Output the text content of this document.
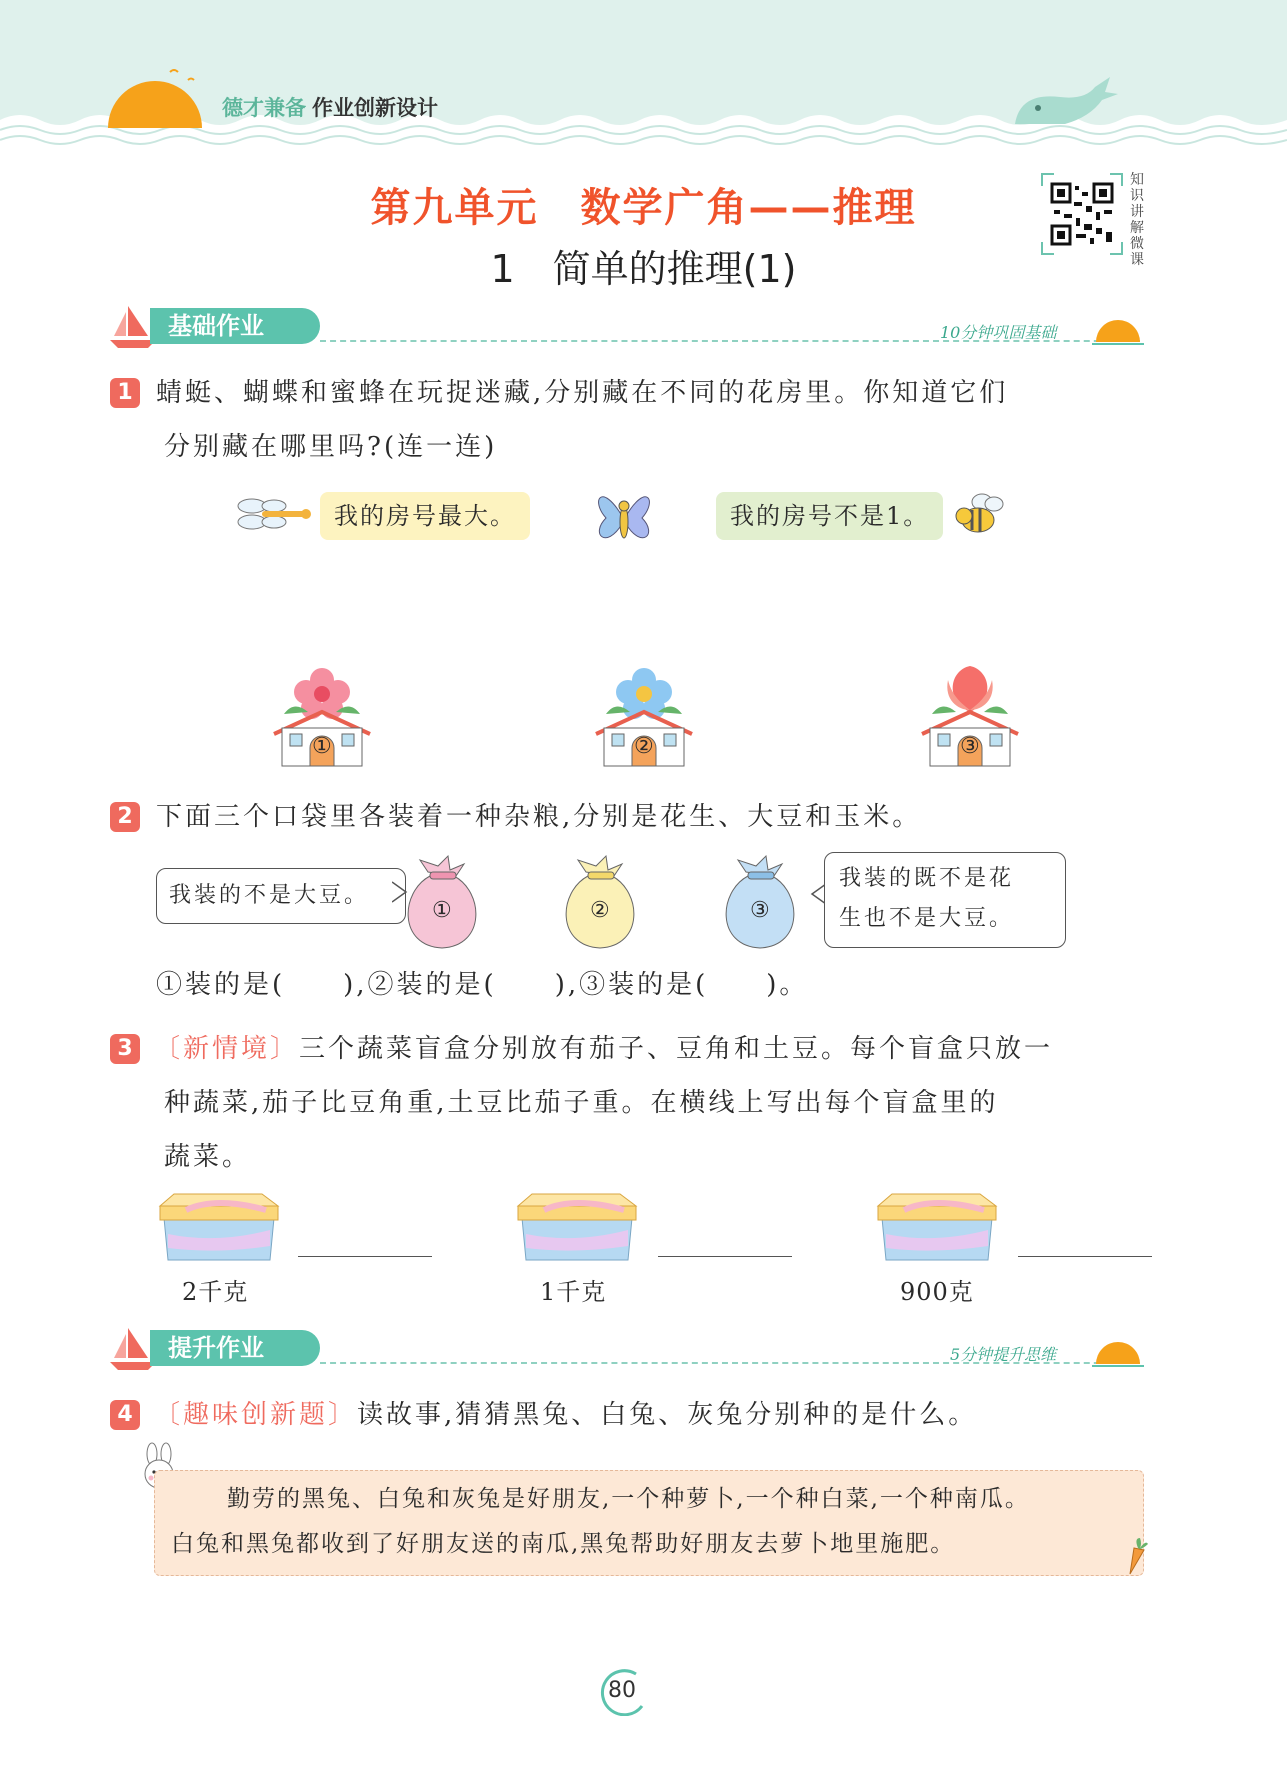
德才兼备 作业创新设计
第九单元　数学广角——推理
1　简单的推理(1)
知识讲解微课
基础作业	10分钟巩固基础
1 蜻蜓、蝴蝶和蜜蜂在玩捉迷藏,分别藏在不同的花房里。你知道它们
分别藏在哪里吗?(连一连)
我的房号最大。	我的房号不是1。
①	②	③
2 下面三个口袋里各装着一种杂粮,分别是花生、大豆和玉米。
我装的不是大豆。
①	②	③
我装的既不是花
生也不是大豆。
①装的是(　　),②装的是(　　),③装的是(　　)。
3 〔新情境〕三个蔬菜盲盒分别放有茄子、豆角和土豆。每个盲盒只放一
种蔬菜,茄子比豆角重,土豆比茄子重。在横线上写出每个盲盒里的
蔬菜。
2千克	1千克	900克
提升作业	5分钟提升思维
4 〔趣味创新题〕读故事,猜猜黑兔、白兔、灰兔分别种的是什么。
勤劳的黑兔、白兔和灰兔是好朋友,一个种萝卜,一个种白菜,一个种南瓜。
白兔和黑兔都收到了好朋友送的南瓜,黑兔帮助好朋友去萝卜地里施肥。
80
